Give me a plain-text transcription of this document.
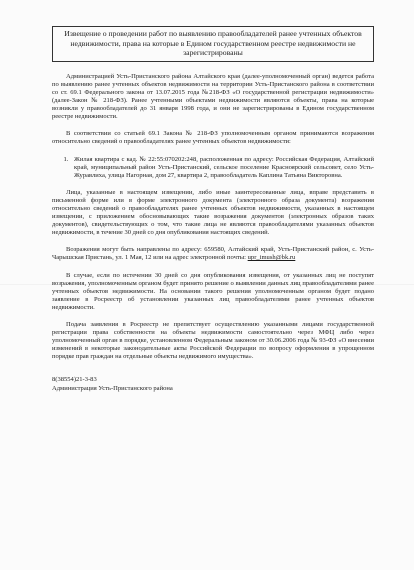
Извещение о проведении работ по выявлению правообладателей ранее учтенных объектов недвижимости, права на которые в Едином государственном реестре недвижимости не зарегистрированы

Администрацией Усть-Пристанского района Алтайского края (далее-уполномоченный орган) ведется работа по выявлению ранее учтенных объектов недвижимости на территории Усть-Пристанского района в соответствии со ст. 69.1 Федерального закона от 13.07.2015 года №218-ФЗ «О государственной регистрации недвижимости» (далее-Закон № 218-ФЗ). Ранее учтенными объектами недвижимости являются объекты, права на которые возникли у правообладателей до 31 января 1998 года, и они не зарегистрированы в Едином государственном реестре недвижимости.

В соответствии со статьей 69.1 Закона № 218-ФЗ уполномоченным органом принимаются возражения относительно сведений о правообладателях ранее учтенных объектов недвижимости:

1. Жилая квартира с кад. № 22:55:070202:248, расположенная по адресу: Российская Федерация, Алтайский край, муниципальный район Усть-Пристанский, сельское поселение Красноярский сельсовет, село Усть-Журавлиха, улица Нагорная, дом 27, квартира 2, правообладатель Каплина Татьяна Викторовна.

Лица, указанные в настоящем извещении, либо иные заинтересованные лица, вправе представить в письменной форме или в форме электронного документа (электронного образа документа) возражения относительно сведений о правообладателях ранее учтенных объектов недвижимости, указанных в настоящем извещении, с приложением обосновывающих такие возражения документов (электронных образов таких документов), свидетельствующих о том, что такие лица не являются правообладателями указанных объектов недвижимости, в течение 30 дней со дня опубликования настоящих сведений.

Возражения могут быть направлены по адресу: 659580, Алтайский край, Усть-Пристанский район, с. Усть-Чарышская Пристань, ул. 1 Мая, 12 или на адрес электронной почты: upr_imush@bk.ru

В случае, если по истечении 30 дней со дня опубликования извещения, от указанных лиц не поступят возражения, уполномоченным органом будет принято решение о выявлении данных лиц правообладателями ранее учтенных объектов недвижимости. На основании такого решения уполномоченным органом будет подано заявление в Росреестр об установлении указанных лиц правообладателями ранее учтенных объектов недвижимости.

Подача заявления в Росреестр не препятствует осуществлению указанными лицами государственной регистрации права собственности на объекты недвижимости самостоятельно через МФЦ либо через уполномоченный орган в порядке, установленном Федеральным законом от 30.06.2006 года № 93-ФЗ «О внесении изменений в некоторые законодательные акты Российской Федерации по вопросу оформления в упрощенном порядке прав граждан на отдельные объекты недвижимого имущества».

8(38554)21-3-83

Администрация Усть-Пристанского района
